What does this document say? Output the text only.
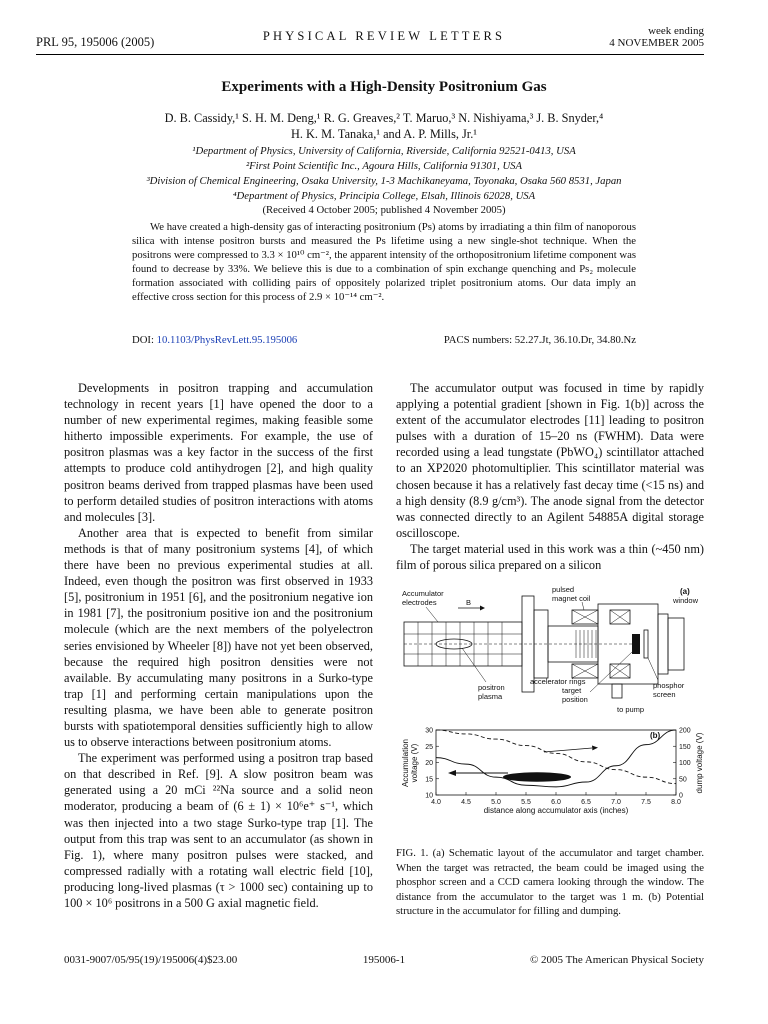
PRL 95, 195006 (2005)	PHYSICAL REVIEW LETTERS	week ending
4 NOVEMBER 2005
Experiments with a High-Density Positronium Gas
D. B. Cassidy,¹ S. H. M. Deng,¹ R. G. Greaves,² T. Maruo,³ N. Nishiyama,³ J. B. Snyder,⁴
H. K. M. Tanaka,¹ and A. P. Mills, Jr.¹
¹Department of Physics, University of California, Riverside, California 92521-0413, USA
²First Point Scientific Inc., Agoura Hills, California 91301, USA
³Division of Chemical Engineering, Osaka University, 1-3 Machikaneyama, Toyonaka, Osaka 560 8531, Japan
⁴Department of Physics, Principia College, Elsah, Illinois 62028, USA
(Received 4 October 2005; published 4 November 2005)
We have created a high-density gas of interacting positronium (Ps) atoms by irradiating a thin film of nanoporous silica with intense positron bursts and measured the Ps lifetime using a new single-shot technique. When the positrons were compressed to 3.3 × 10¹⁰ cm⁻², the apparent intensity of the orthopositronium lifetime component was found to decrease by 33%. We believe this is due to a combination of spin exchange quenching and Ps₂ molecule formation associated with colliding pairs of oppositely polarized triplet positronium atoms. Our data imply an effective cross section for this process of 2.9 × 10⁻¹⁴ cm⁻².
DOI: 10.1103/PhysRevLett.95.195006	PACS numbers: 52.27.Jt, 36.10.Dr, 34.80.Nz

Developments in positron trapping and accumulation technology in recent years [1] have opened the door to a number of new experimental regimes, making feasible some hitherto impossible experiments. For example, the use of positron plasmas was a key factor in the success of the first attempts to produce cold antihydrogen [2], and high quality positron beams derived from trapped plasmas have been used to perform detailed studies of positron interactions with atoms and molecules [3].

Another area that is expected to benefit from similar methods is that of many positronium systems [4], of which there have been no previous experimental studies at all. Indeed, even though the positron was first observed in 1933 [5], positronium in 1951 [6], and the positronium negative ion in 1981 [7], the positronium positive ion and the positronium molecule (which are the next members of the polyelectron series envisioned by Wheeler [8]) have not yet been observed, because the required high positron densities were not available. By accumulating many positrons in a Surko-type trap [1] and performing certain manipulations upon the resulting plasma, we have been able to generate positron bursts with spatiotemporal densities sufficiently high to allow us to observe interactions between positronium atoms.

The experiment was performed using a positron trap based on that described in Ref. [9]. A slow positron beam was generated using a 20 mCi ²²Na source and a solid neon moderator, producing a beam of (6 ± 1) × 10⁶e⁺ s⁻¹, which was then injected into a two stage Surko-type trap [1]. The output from this trap was sent to an accumulator (as shown in Fig. 1), where many positron pulses were stacked, and compressed radially with a rotating wall electric field [10], producing long-lived plasmas (τ > 1000 sec) containing up to 100 × 10⁶ positrons in a 500 G axial magnetic field.

The accumulator output was focused in time by rapidly applying a potential gradient [shown in Fig. 1(b)] across the extent of the accumulator electrodes [11] leading to positron pulses with a duration of 15–20 ns (FWHM). Data were recorded using a lead tungstate (PbWO₄) scintillator attached to an XP2020 photomultiplier. This scintillator material was chosen because it has a relatively fast decay time (<15 ns) and a high density (8.9 g/cm³). The anode signal from the detector was connected directly to an Agilent 54885A digital storage oscilloscope.

The target material used in this work was a thin (~450 nm) film of porous silica prepared on a silicon

(a)
B
Accumulator
electrodes
pulsed
magnet coil	window
accelerator rings
positron
plasma
target
position
to pump
phosphor
screen
(b)
4.0	4.5	5.0	5.5	6.0	6.5	7.0	7.5	8.0
10
15
20
25
30
0
50
100
150
200
distance along accumulator axis (inches)
Accumulation voltage (V)	dump voltage (V)
FIG. 1. (a) Schematic layout of the accumulator and target chamber. When the target was retracted, the beam could be imaged using the phosphor screen and a CCD camera looking through the window. The distance from the accumulator to the target was 1 m. (b) Potential structure in the accumulator for filling and dumping.
0031-9007/05/95(19)/195006(4)$23.00	195006-1	© 2005 The American Physical Society
